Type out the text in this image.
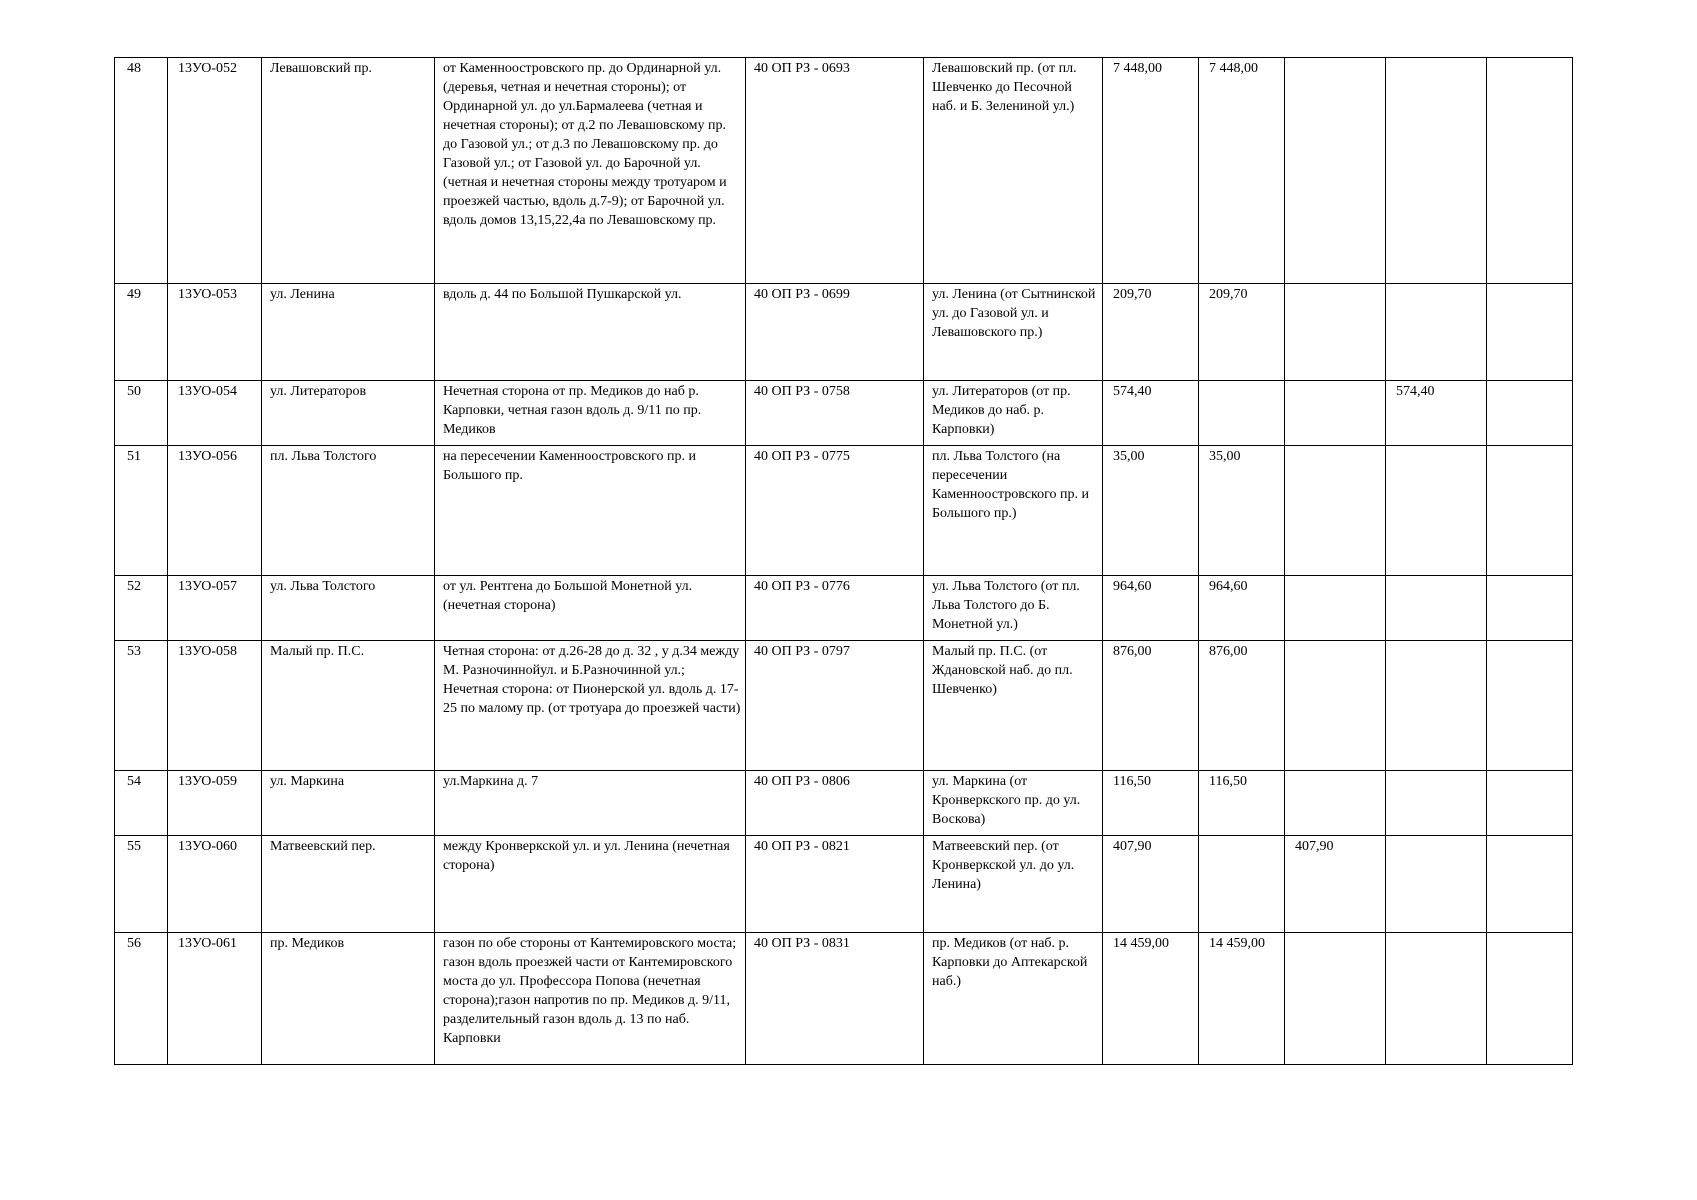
48	13УО-052	Левашовский пр.	от Каменноостровского пр. до Ординарной ул. (деревья, четная и нечетная стороны); от Ординарной ул. до ул.Бармалеева (четная и нечетная стороны); от д.2 по Левашовскому пр. до Газовой ул.; от д.3 по Левашовскому пр. до Газовой ул.; от Газовой ул. до Барочной ул. (четная и нечетная стороны между тротуаром и проезжей частью, вдоль д.7-9); от Барочной ул. вдоль домов 13,15,22,4а по Левашовскому пр.	40 ОП РЗ - 0693	Левашовский пр. (от пл. Шевченко до Песочной наб. и Б. Зелениной ул.)	7 448,00	7 448,00			
49	13УО-053	ул. Ленина	вдоль д. 44 по Большой Пушкарской ул.	40 ОП РЗ - 0699	ул. Ленина (от Сытнинской ул. до Газовой ул. и Левашовского пр.)	209,70	209,70			
50	13УО-054	ул. Литераторов	Нечетная сторона от пр. Медиков до наб р. Карповки, четная газон вдоль д. 9/11 по пр. Медиков	40 ОП РЗ - 0758	ул. Литераторов (от пр. Медиков до наб. р. Карповки)	574,40			574,40	
51	13УО-056	пл. Льва Толстого	на пересечении Каменноостровского пр. и Большого пр.	40 ОП РЗ - 0775	пл. Льва Толстого (на пересечении Каменноостровского пр. и Большого пр.)	35,00	35,00			
52	13УО-057	ул. Льва Толстого	от ул. Рентгена до Большой Монетной ул. (нечетная сторона)	40 ОП РЗ - 0776	ул. Льва Толстого (от пл. Льва Толстого до Б. Монетной ул.)	964,60	964,60			
53	13УО-058	Малый пр. П.С.	Четная сторона: от д.26-28 до д. 32 , у д.34 между М. Разночиннойул. и Б.Разночинной ул.; Нечетная сторона: от Пионерской ул. вдоль д. 17-25 по малому пр. (от тротуара до проезжей части)	40 ОП РЗ - 0797	Малый пр. П.С. (от Ждановской наб. до пл. Шевченко)	876,00	876,00			
54	13УО-059	ул. Маркина	ул.Маркина д. 7	40 ОП РЗ - 0806	ул. Маркина (от Кронверкского пр. до ул. Воскова)	116,50	116,50			
55	13УО-060	Матвеевский пер.	между Кронверкской ул. и ул. Ленина (нечетная сторона)	40 ОП РЗ - 0821	Матвеевский пер. (от Кронверкской ул. до ул. Ленина)	407,90		407,90		
56	13УО-061	пр. Медиков	газон по обе стороны от Кантемировского моста; газон вдоль проезжей части от Кантемировского моста до ул. Профессора Попова (нечетная сторона);газон напротив по пр. Медиков д. 9/11, разделительный газон вдоль д. 13 по наб. Карповки	40 ОП РЗ - 0831	пр. Медиков (от наб. р. Карповки до Аптекарской наб.)	14 459,00	14 459,00			
